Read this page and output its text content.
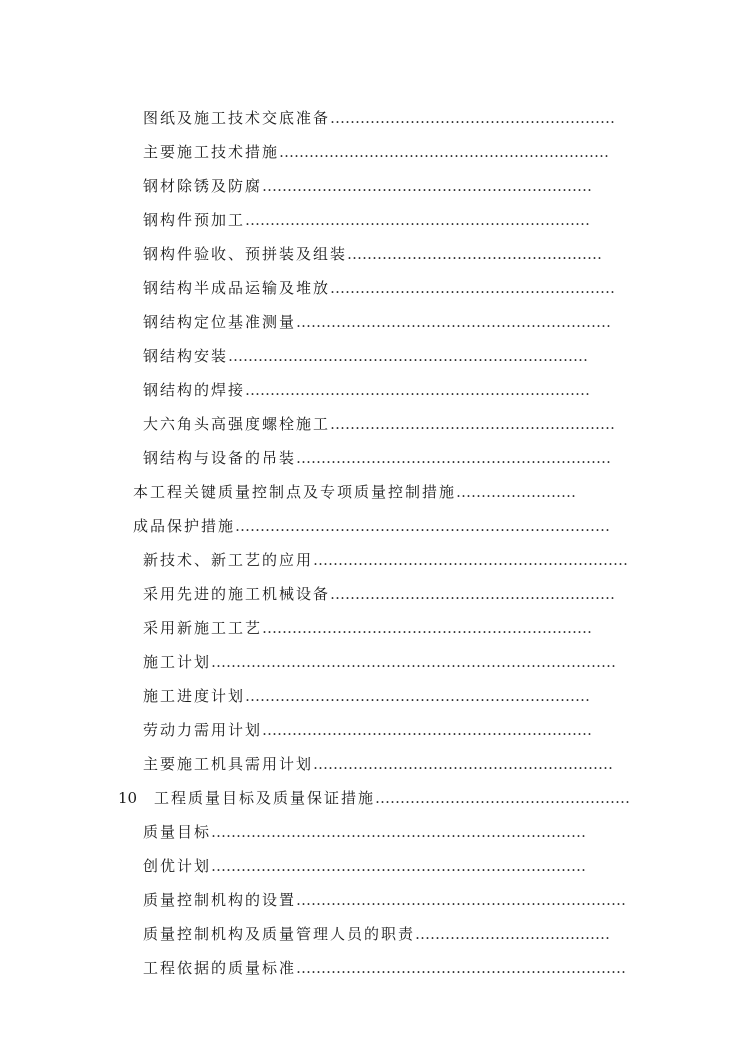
图纸及施工技术交底准备…………………………………………………
主要施工技术措施…………………………………………………………
钢材除锈及防腐…………………………………………………………
钢构件预加工……………………………………………………………
钢构件验收、预拼装及组装……………………………………………
钢结构半成品运输及堆放…………………………………………………
钢结构定位基准测量………………………………………………………
钢结构安装………………………………………………………………
钢结构的焊接……………………………………………………………
大六角头高强度螺栓施工…………………………………………………
钢结构与设备的吊装………………………………………………………
本工程关键质量控制点及专项质量控制措施……………………
成品保护措施…………………………………………………………………
新技术、新工艺的应用………………………………………………………
采用先进的施工机械设备…………………………………………………
采用新施工工艺…………………………………………………………
施工计划………………………………………………………………………
施工进度计划……………………………………………………………
劳动力需用计划…………………………………………………………
主要施工机具需用计划……………………………………………………
10 工程质量目标及质量保证措施……………………………………………
质量目标…………………………………………………………………
创优计划…………………………………………………………………
质量控制机构的设置…………………………………………………………
质量控制机构及质量管理人员的职责…………………………………
工程依据的质量标准…………………………………………………………
